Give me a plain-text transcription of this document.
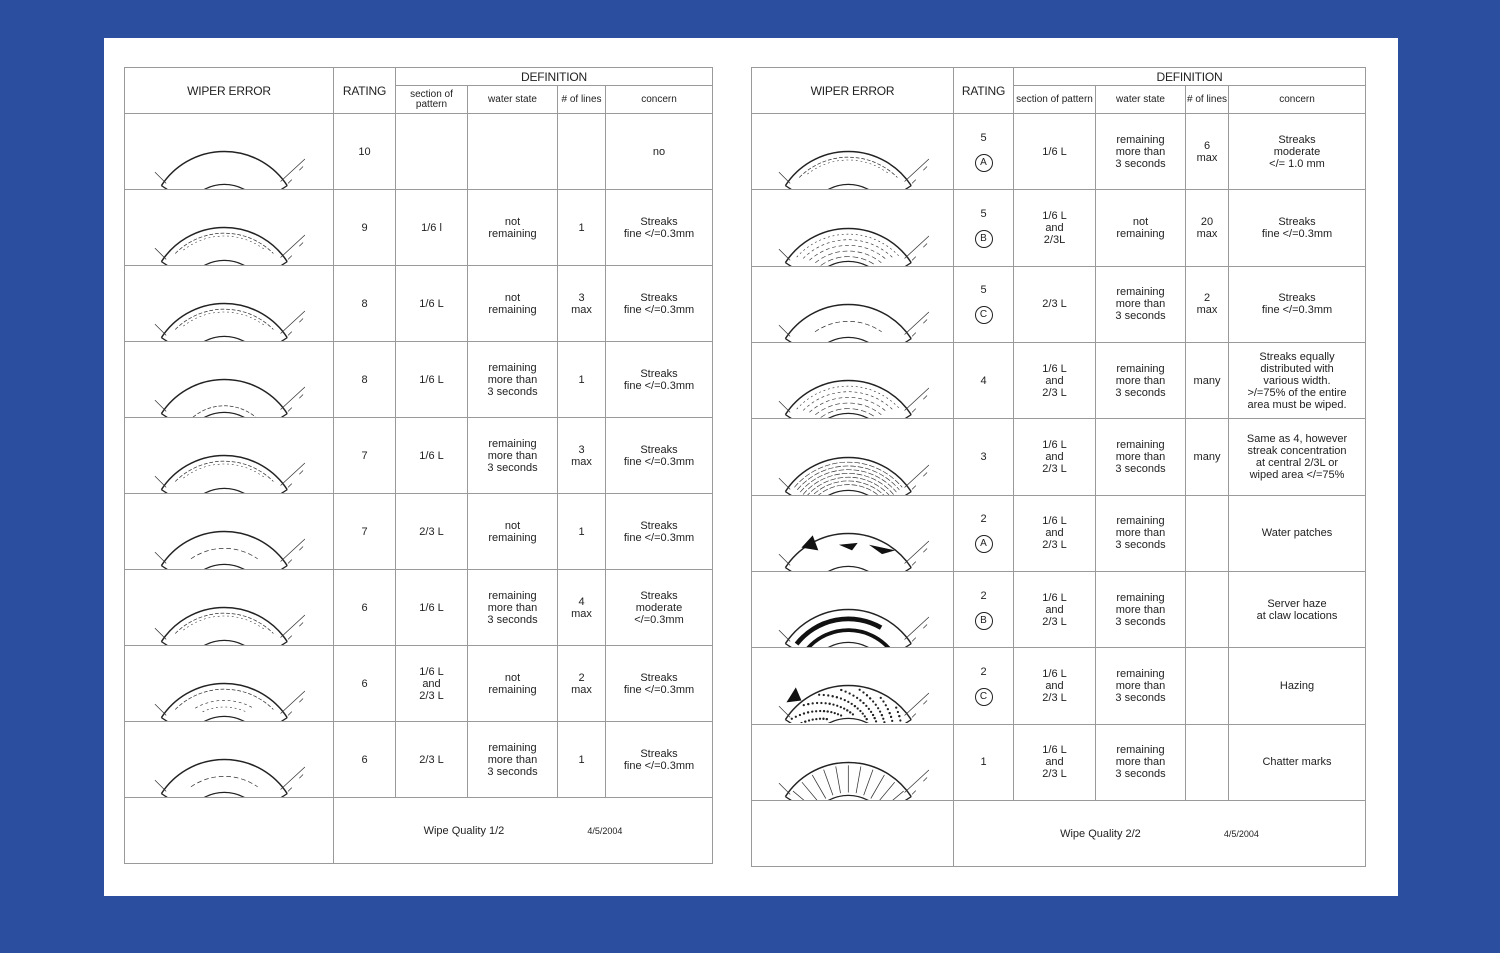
WIPER ERROR	RATING	DEFINITION			
		section of pattern	water state	# of lines	concern

10				no

9	1/6 l	not
remaining	1	Streaks
fine </=0.3mm

8	1/6 L	not
remaining	3
max	Streaks
fine </=0.3mm

8	1/6 L	remaining
more than
3 seconds	1	Streaks
fine </=0.3mm

7	1/6 L	remaining
more than
3 seconds	3
max	Streaks
fine </=0.3mm

7	2/3 L	not
remaining	1	Streaks
fine </=0.3mm

6	1/6 L	remaining
more than
3 seconds	4
max	Streaks
moderate
</=0.3mm

6	1/6 L
and
2/3 L	not
remaining	2
max	Streaks
fine </=0.3mm

6	2/3 L	remaining
more than
3 seconds	1	Streaks
fine </=0.3mm
	Wipe Quality 1/2 4/5/2004				
WIPER ERROR	RATING	DEFINITION			
		section of pattern	water state	# of lines	concern

5
A	1/6 L	remaining
more than
3 seconds	6
max	Streaks
moderate
</= 1.0 mm

5
B	1/6 L
and
2/3L	not
remaining	20
max	Streaks
fine </=0.3mm

5
C	2/3 L	remaining
more than
3 seconds	2
max	Streaks
fine </=0.3mm

4	1/6 L
and
2/3 L	remaining
more than
3 seconds	many	Streaks equally
distributed with
various width.
>/=75% of the entire
area must be wiped.

3	1/6 L
and
2/3 L	remaining
more than
3 seconds	many	Same as 4, however
streak concentration
at central 2/3L or
wiped area </=75%

2
A	1/6 L
and
2/3 L	remaining
more than
3 seconds		Water patches

2
B	1/6 L
and
2/3 L	remaining
more than
3 seconds		Server haze
at claw locations

2
C	1/6 L
and
2/3 L	remaining
more than
3 seconds		Hazing

1	1/6 L
and
2/3 L	remaining
more than
3 seconds		Chatter marks
	Wipe Quality 2/2 4/5/2004				
